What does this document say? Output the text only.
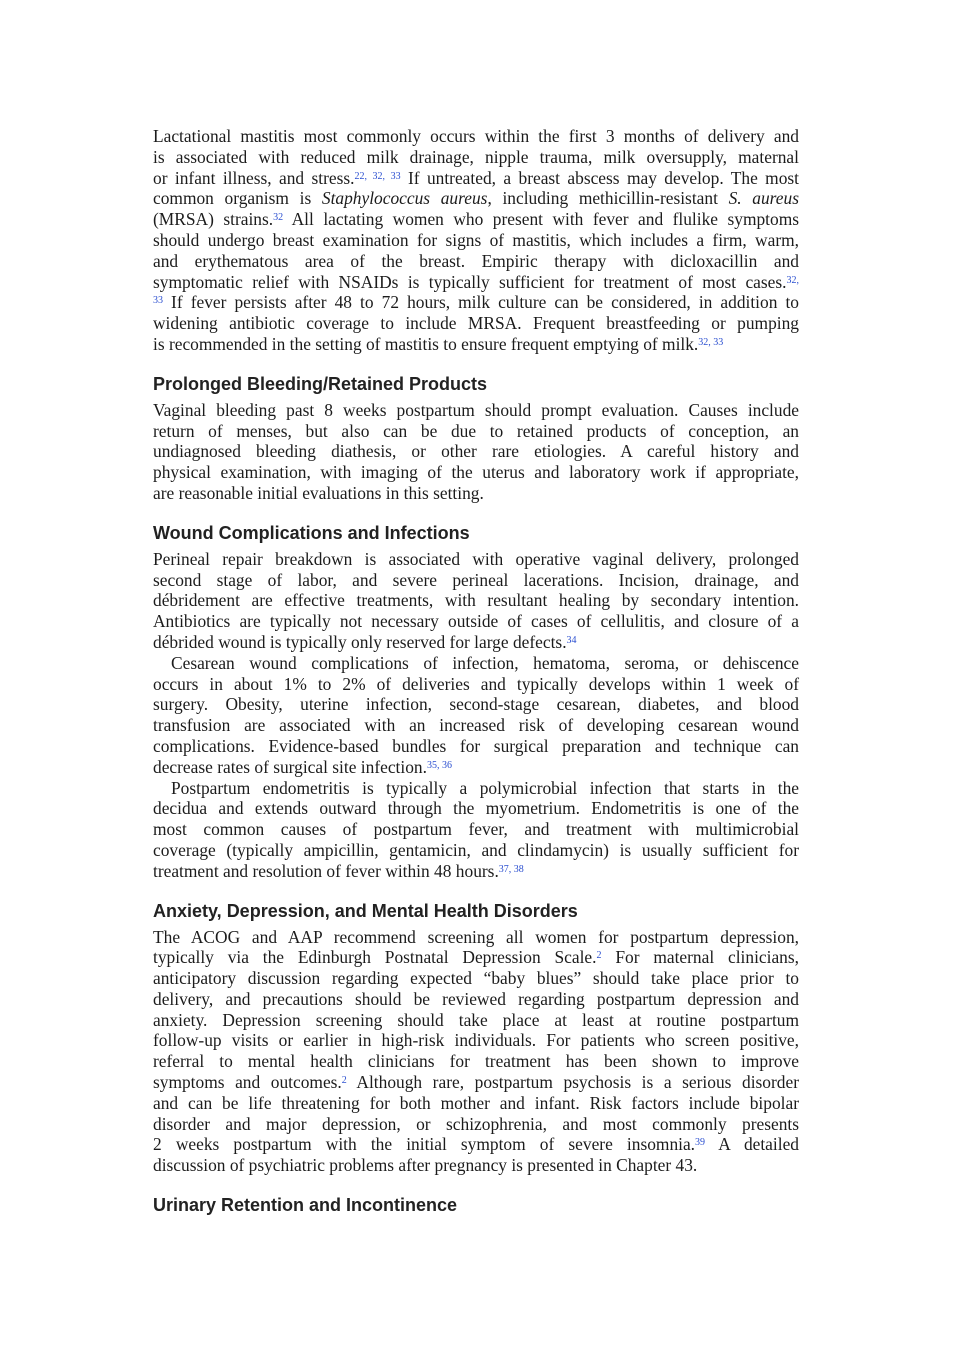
Lactational mastitis most commonly occurs within the first 3 months of delivery and
is associated with reduced milk drainage, nipple trauma, milk oversupply, maternal
or infant illness, and stress.$^{22, 32, 33}$ If untreated, a breast abscess may develop. The most
common organism is Staphylococcus aureus, including methicillin-resistant S. aureus
(MRSA) strains.$^{32}$ All lactating women who present with fever and flulike symptoms
should undergo breast examination for signs of mastitis, which includes a firm, warm,
and erythematous area of the breast. Empiric therapy with dicloxacillin and
symptomatic relief with NSAIDs is typically sufficient for treatment of most cases.$^{32,}$
$^{33}$ If fever persists after 48 to 72 hours, milk culture can be considered, in addition to
widening antibiotic coverage to include MRSA. Frequent breastfeeding or pumping
is recommended in the setting of mastitis to ensure frequent emptying of milk.$^{32, 33}$
Prolonged Bleeding/Retained Products
Vaginal bleeding past 8 weeks postpartum should prompt evaluation. Causes include
return of menses, but also can be due to retained products of conception, an
undiagnosed bleeding diathesis, or other rare etiologies. A careful history and
physical examination, with imaging of the uterus and laboratory work if appropriate,
are reasonable initial evaluations in this setting.
Wound Complications and Infections
Perineal repair breakdown is associated with operative vaginal delivery, prolonged
second stage of labor, and severe perineal lacerations. Incision, drainage, and
débridement are effective treatments, with resultant healing by secondary intention.
Antibiotics are typically not necessary outside of cases of cellulitis, and closure of a
débrided wound is typically only reserved for large defects.$^{34}$
Cesarean wound complications of infection, hematoma, seroma, or dehiscence
occurs in about 1% to 2% of deliveries and typically develops within 1 week of
surgery. Obesity, uterine infection, second-stage cesarean, diabetes, and blood
transfusion are associated with an increased risk of developing cesarean wound
complications. Evidence-based bundles for surgical preparation and technique can
decrease rates of surgical site infection.$^{35, 36}$
Postpartum endometritis is typically a polymicrobial infection that starts in the
decidua and extends outward through the myometrium. Endometritis is one of the
most common causes of postpartum fever, and treatment with multimicrobial
coverage (typically ampicillin, gentamicin, and clindamycin) is usually sufficient for
treatment and resolution of fever within 48 hours.$^{37, 38}$
Anxiety, Depression, and Mental Health Disorders
The ACOG and AAP recommend screening all women for postpartum depression,
typically via the Edinburgh Postnatal Depression Scale.$^2$ For maternal clinicians,
anticipatory discussion regarding expected “baby blues” should take place prior to
delivery, and precautions should be reviewed regarding postpartum depression and
anxiety. Depression screening should take place at least at routine postpartum
follow-up visits or earlier in high-risk individuals. For patients who screen positive,
referral to mental health clinicians for treatment has been shown to improve
symptoms and outcomes.$^2$ Although rare, postpartum psychosis is a serious disorder
and can be life threatening for both mother and infant. Risk factors include bipolar
disorder and major depression, or schizophrenia, and most commonly presents
2 weeks postpartum with the initial symptom of severe insomnia.$^{39}$ A detailed
discussion of psychiatric problems after pregnancy is presented in Chapter 43.
Urinary Retention and Incontinence
